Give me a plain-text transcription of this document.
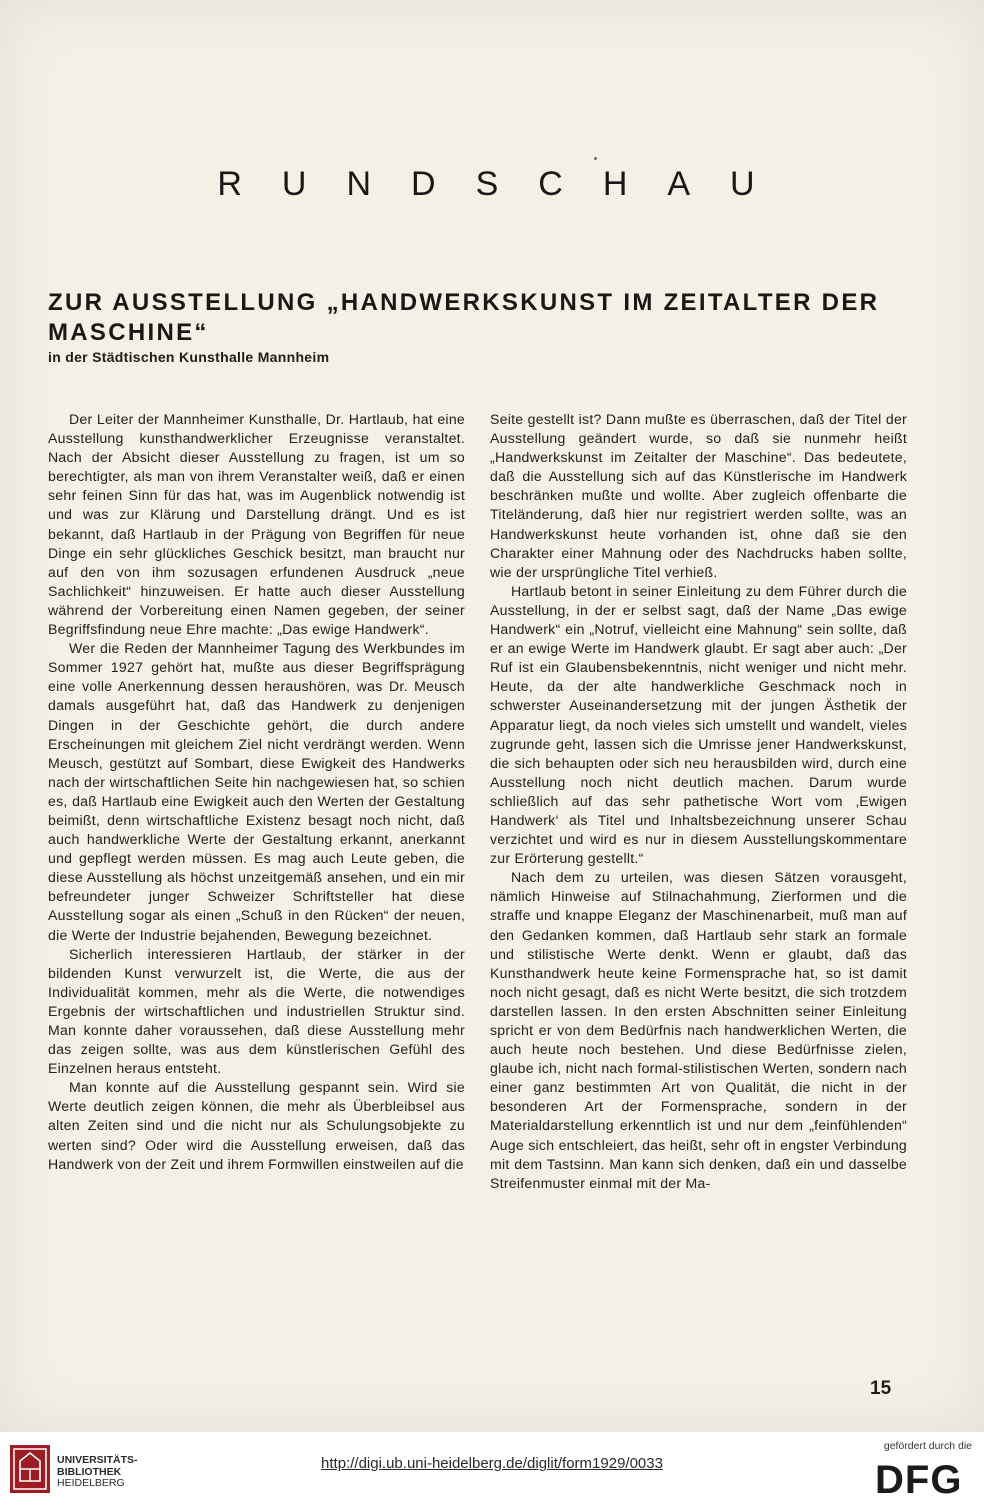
RUNDSCHAU
ZUR AUSSTELLUNG „HANDWERKSKUNST IM ZEITALTER DER MASCHINE“
in der Städtischen Kunsthalle Mannheim

Der Leiter der Mannheimer Kunsthalle, Dr. Hartlaub, hat eine Ausstellung kunsthandwerklicher Erzeugnisse veranstaltet. Nach der Absicht dieser Ausstellung zu fragen, ist um so berechtigter, als man von ihrem Veranstalter weiß, daß er einen sehr feinen Sinn für das hat, was im Augenblick notwendig ist und was zur Klärung und Darstellung drängt. Und es ist bekannt, daß Hartlaub in der Prägung von Begriffen für neue Dinge ein sehr glückliches Geschick besitzt, man braucht nur auf den von ihm sozusagen erfundenen Ausdruck „neue Sachlichkeit“ hinzuweisen. Er hatte auch dieser Ausstellung während der Vorbereitung einen Namen gegeben, der seiner Begriffsfindung neue Ehre machte: „Das ewige Handwerk“.

Wer die Reden der Mannheimer Tagung des Werkbundes im Sommer 1927 gehört hat, mußte aus dieser Begriffsprägung eine volle Anerkennung dessen heraushören, was Dr. Meusch damals ausgeführt hat, daß das Handwerk zu denjenigen Dingen in der Geschichte gehört, die durch andere Erscheinungen mit gleichem Ziel nicht verdrängt werden. Wenn Meusch, gestützt auf Sombart, diese Ewigkeit des Handwerks nach der wirtschaftlichen Seite hin nachgewiesen hat, so schien es, daß Hartlaub eine Ewigkeit auch den Werten der Gestaltung beimißt, denn wirtschaftliche Existenz besagt noch nicht, daß auch handwerkliche Werte der Gestaltung erkannt, anerkannt und gepflegt werden müssen. Es mag auch Leute geben, die diese Ausstellung als höchst unzeitgemäß ansehen, und ein mir befreundeter junger Schweizer Schriftsteller hat diese Ausstellung sogar als einen „Schuß in den Rücken“ der neuen, die Werte der Industrie bejahenden, Bewegung bezeichnet.

Sicherlich interessieren Hartlaub, der stärker in der bildenden Kunst verwurzelt ist, die Werte, die aus der Individualität kommen, mehr als die Werte, die notwendiges Ergebnis der wirtschaftlichen und industriellen Struktur sind. Man konnte daher voraussehen, daß diese Ausstellung mehr das zeigen sollte, was aus dem künstlerischen Gefühl des Einzelnen heraus entsteht.

Man konnte auf die Ausstellung gespannt sein. Wird sie Werte deutlich zeigen können, die mehr als Überbleibsel aus alten Zeiten sind und die nicht nur als Schulungsobjekte zu werten sind? Oder wird die Ausstellung erweisen, daß das Handwerk von der Zeit und ihrem Formwillen einstweilen auf die

Seite gestellt ist? Dann mußte es überraschen, daß der Titel der Ausstellung geändert wurde, so daß sie nunmehr heißt „Handwerkskunst im Zeitalter der Maschine“. Das bedeutete, daß die Ausstellung sich auf das Künstlerische im Handwerk beschränken mußte und wollte. Aber zugleich offenbarte die Titeländerung, daß hier nur registriert werden sollte, was an Handwerkskunst heute vorhanden ist, ohne daß sie den Charakter einer Mahnung oder des Nachdrucks haben sollte, wie der ursprüngliche Titel verhieß.

Hartlaub betont in seiner Einleitung zu dem Führer durch die Ausstellung, in der er selbst sagt, daß der Name „Das ewige Handwerk“ ein „Notruf, vielleicht eine Mahnung“ sein sollte, daß er an ewige Werte im Handwerk glaubt. Er sagt aber auch: „Der Ruf ist ein Glaubensbekenntnis, nicht weniger und nicht mehr. Heute, da der alte handwerkliche Geschmack noch in schwerster Auseinandersetzung mit der jungen Ästhetik der Apparatur liegt, da noch vieles sich umstellt und wandelt, vieles zugrunde geht, lassen sich die Umrisse jener Handwerkskunst, die sich behaupten oder sich neu herausbilden wird, durch eine Ausstellung noch nicht deutlich machen. Darum wurde schließlich auf das sehr pathetische Wort vom ‚Ewigen Handwerk‘ als Titel und Inhaltsbezeichnung unserer Schau verzichtet und wird es nur in diesem Ausstellungskommentare zur Erörterung gestellt.“

Nach dem zu urteilen, was diesen Sätzen vorausgeht, nämlich Hinweise auf Stilnachahmung, Zierformen und die straffe und knappe Eleganz der Maschinenarbeit, muß man auf den Gedanken kommen, daß Hartlaub sehr stark an formale und stilistische Werte denkt. Wenn er glaubt, daß das Kunsthandwerk heute keine Formensprache hat, so ist damit noch nicht gesagt, daß es nicht Werte besitzt, die sich trotzdem darstellen lassen. In den ersten Abschnitten seiner Einleitung spricht er von dem Bedürfnis nach handwerklichen Werten, die auch heute noch bestehen. Und diese Bedürfnisse zielen, glaube ich, nicht nach formal-stilistischen Werten, sondern nach einer ganz bestimmten Art von Qualität, die nicht in der besonderen Art der Formensprache, sondern in der Materialdarstellung erkenntlich ist und nur dem „feinfühlenden“ Auge sich entschleiert, das heißt, sehr oft in engster Verbindung mit dem Tastsinn. Man kann sich denken, daß ein und dasselbe Streifenmuster einmal mit der Ma-

15
UNIVERSITÄTS-
BIBLIOTHEK
HEIDELBERG
http://digi.ub.uni-heidelberg.de/diglit/form1929/0033
gefördert durch die
DFG
